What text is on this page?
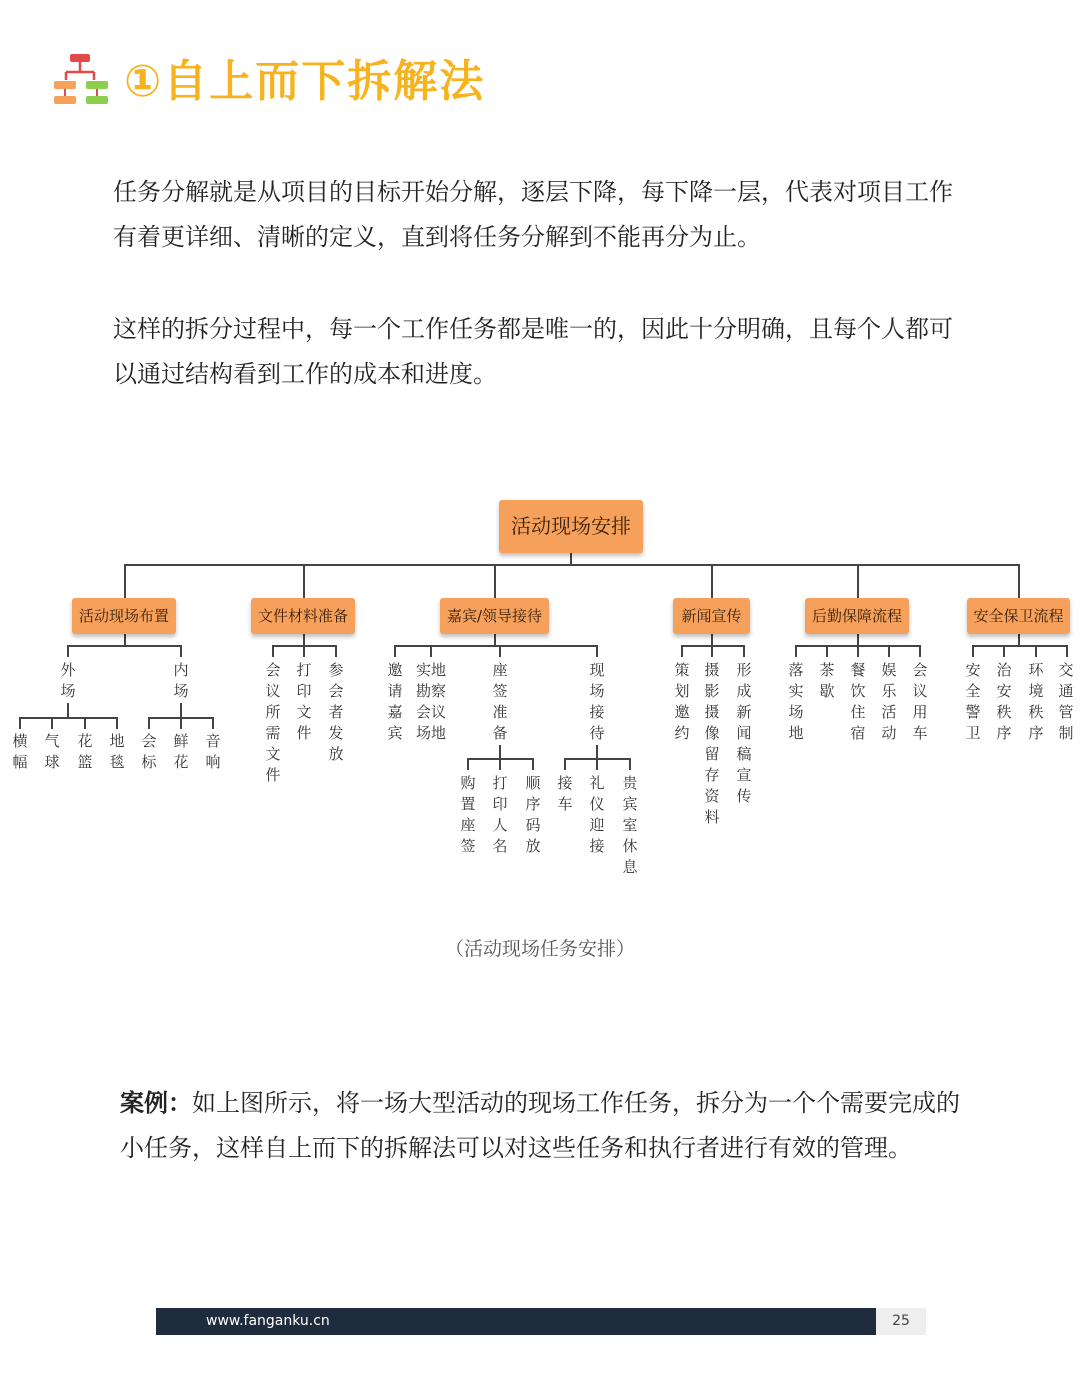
①自上而下拆解法
任务分解就是从项目的目标开始分解，逐层下降，每下降一层，代表对项目工作有着更详细、清晰的定义，直到将任务分解到不能再分为止。
这样的拆分过程中，每一个工作任务都是唯一的，因此十分明确，且每个人都可以通过结构看到工作的成本和进度。
活动现场安排
活动现场布置	文件材料准备	嘉宾/领导接待	新闻宣传	后勤保障流程	安全保卫流程
外
场
内
场
横
幅
气
球
花
篮
地
毯
会
标
鲜
花
音
响
会
议
所
需
文
件
打
印
文
件
参
会
者
发
放
邀
请
嘉
宾
实地
勘察
会议
场地
座
签
准
备
现
场
接
待
购
置
座
签
打
印
人
名
顺
序
码
放
接
车
礼
仪
迎
接
贵
宾
室
休
息
策
划
邀
约
摄
影
摄
像
留
存
资
料
形
成
新
闻
稿
宣
传
落
实
场
地
茶
歇
餐
饮
住
宿
娱
乐
活
动
会
议
用
车
安
全
警
卫
治
安
秩
序
环
境
秩
序
交
通
管
制
（活动现场任务安排）
案例：如上图所示，将一场大型活动的现场工作任务，拆分为一个个需要完成的小任务，这样自上而下的拆解法可以对这些任务和执行者进行有效的管理。
www.fanganku.cn	25
